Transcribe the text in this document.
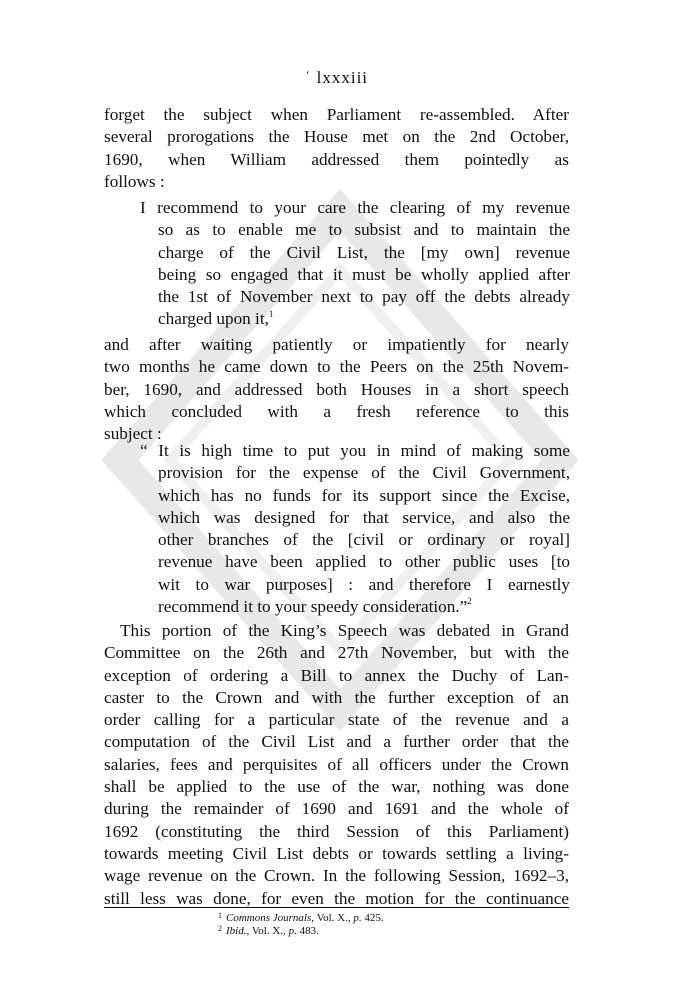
‘ lxxxiii
forget the subject when Parliament re-assembled. After
several prorogations the House met on the 2nd October,
1690, when William addressed them pointedly as
follows :
I recommend to your care the clearing of my revenue
so as to enable me to subsist and to maintain the
charge of the Civil List, the [my own] revenue
being so engaged that it must be wholly applied after
the 1st of November next to pay off the debts already
charged upon it,$^1$
and after waiting patiently or impatiently for nearly
two months he came down to the Peers on the 25th Novem-
ber, 1690, and addressed both Houses in a short speech
which concluded with a fresh reference to this
subject :
“ It is high time to put you in mind of making some
provision for the expense of the Civil Government,
which has no funds for its support since the Excise,
which was designed for that service, and also the
other branches of the [civil or ordinary or royal]
revenue have been applied to other public uses [to
wit to war purposes] : and therefore I earnestly
recommend it to your speedy consideration.”$^2$
This portion of the King’s Speech was debated in Grand
Committee on the 26th and 27th November, but with the
exception of ordering a Bill to annex the Duchy of Lan-
caster to the Crown and with the further exception of an
order calling for a particular state of the revenue and a
computation of the Civil List and a further order that the
salaries, fees and perquisites of all officers under the Crown
shall be applied to the use of the war, nothing was done
during the remainder of 1690 and 1691 and the whole of
1692 (constituting the third Session of this Parliament)
towards meeting Civil List debts or towards settling a living-
wage revenue on the Crown. In the following Session, 1692–3,
still less was done, for even the motion for the continuance
$^1$ Commons Journals, Vol. X., p. 425.
$^2$ Ibid., Vol. X., p. 483.
